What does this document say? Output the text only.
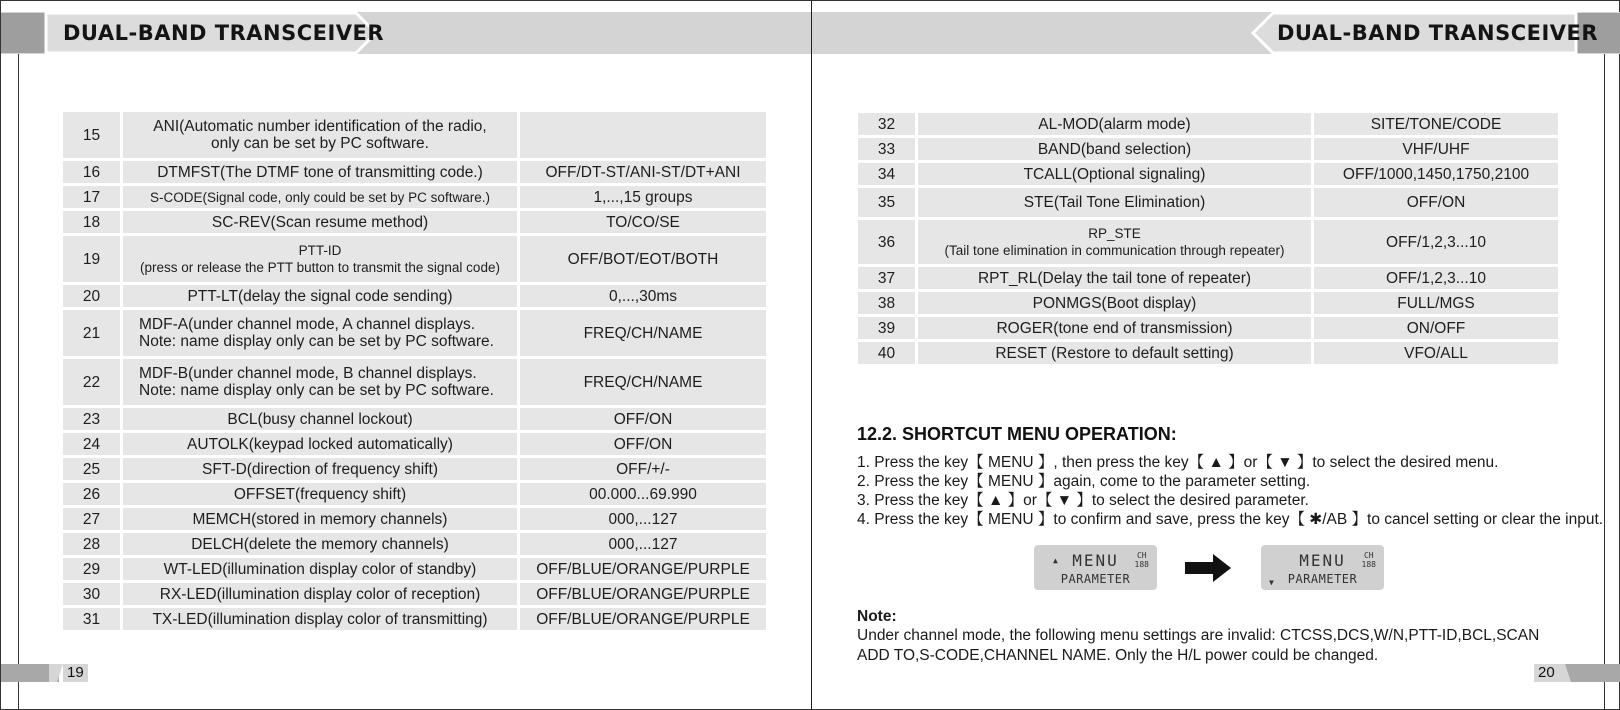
DUAL-BAND TRANSCEIVER	DUAL-BAND TRANSCEIVER
15	ANI(Automatic number identification of the radio,
only can be set by PC software.	
16	DTMFST(The DTMF tone of transmitting code.)	OFF/DT-ST/ANI-ST/DT+ANI
17	S-CODE(Signal code, only could be set by PC software.)	1,...,15 groups
18	SC-REV(Scan resume method)	TO/CO/SE
19	PTT-ID
(press or release the PTT button to transmit the signal code)	OFF/BOT/EOT/BOTH
20	PTT-LT(delay the signal code sending)	0,...,30ms
21	MDF-A(under channel mode, A channel displays.
Note: name display only can be set by PC software.	FREQ/CH/NAME
22	MDF-B(under channel mode, B channel displays.
Note: name display only can be set by PC software.	FREQ/CH/NAME
23	BCL(busy channel lockout)	OFF/ON
24	AUTOLK(keypad locked automatically)	OFF/ON
25	SFT-D(direction of frequency shift)	OFF/+/-
26	OFFSET(frequency shift)	00.000...69.990
27	MEMCH(stored in memory channels)	000,...127
28	DELCH(delete the memory channels)	000,...127
29	WT-LED(illumination display color of standby)	OFF/BLUE/ORANGE/PURPLE
30	RX-LED(illumination display color of reception)	OFF/BLUE/ORANGE/PURPLE
31	TX-LED(illumination display color of transmitting)	OFF/BLUE/ORANGE/PURPLE
32	AL-MOD(alarm mode)	SITE/TONE/CODE
33	BAND(band selection)	VHF/UHF
34	TCALL(Optional signaling)	OFF/1000,1450,1750,2100
35	STE(Tail Tone Elimination)	OFF/ON
36	RP_STE
(Tail tone elimination in communication through repeater)	OFF/1,2,3...10
37	RPT_RL(Delay the tail tone of repeater)	OFF/1,2,3...10
38	PONMGS(Boot display)	FULL/MGS
39	ROGER(tone end of transmission)	ON/OFF
40	RESET (Restore to default setting)	VFO/ALL
12.2. SHORTCUT MENU OPERATION:
1. Press the key【 MENU 】, then press the key【 ▲ 】or【 ▼ 】to select the desired menu.
2. Press the key【 MENU 】again, come to the parameter setting.
3. Press the key【 ▲ 】or【 ▼ 】to select the desired parameter.
4. Press the key【 MENU 】to confirm and save, press the key【 ✱/AB 】to cancel setting or clear the input.
▲
CH
188
MENU
PARAMETER	▼
CH
188
MENU
PARAMETER
Note:
Under channel mode, the following menu settings are invalid: CTCSS,DCS,W/N,PTT-ID,BCL,SCAN ADD TO,S-CODE,CHANNEL NAME. Only the H/L power could be changed.
19	20
